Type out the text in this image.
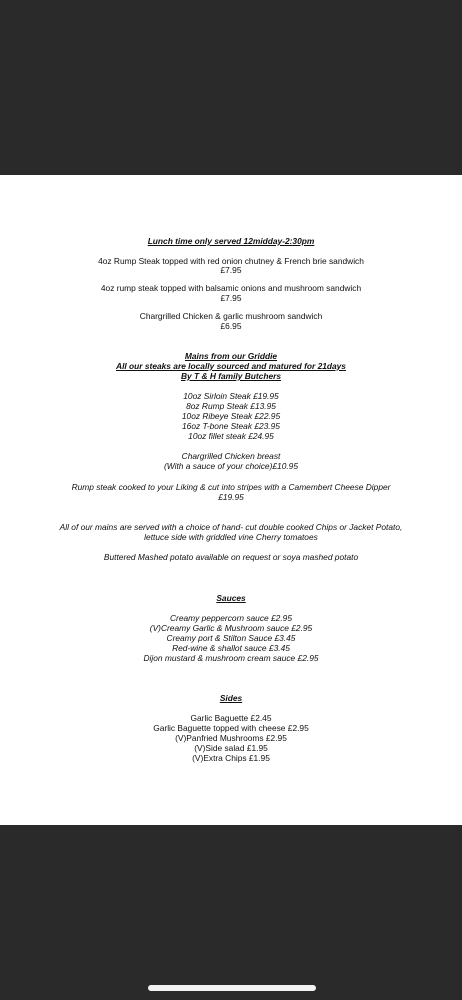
Lunch time only served 12midday-2:30pm
4oz Rump Steak topped with red onion chutney & French brie sandwich
£7.95
4oz rump steak topped with balsamic onions and mushroom sandwich
£7.95
Chargrilled Chicken & garlic mushroom sandwich
£6.95
Mains from our Griddie
All our steaks are locally sourced and matured for 21days
By T & H family Butchers
10oz Sirloin Steak £19.95
8oz Rump Steak £13.95
10oz Ribeye Steak £22.95
16oz T-bone Steak £23.95
10oz fillet steak £24.95
Chargrilled Chicken breast
(With a sauce of your choice)£10.95
Rump steak cooked to your Liking & cut into stripes with a Camembert Cheese Dipper
£19.95
All of our mains are served with a choice of hand- cut double cooked Chips or Jacket Potato,
lettuce side with griddled vine Cherry tomatoes
Buttered Mashed potato available on request or soya mashed potato
Sauces
Creamy peppercorn sauce £2.95
(V)Creamy Garlic & Mushroom sauce £2.95
Creamy port & Stilton Sauce £3.45
Red-wine & shallot sauce £3.45
Dijon mustard & mushroom cream sauce £2.95
Sides
Garlic Baguette £2.45
Garlic Baguette topped with cheese £2.95
(V)Panfried Mushrooms £2.95
(V)Side salad £1.95
(V)Extra Chips £1.95
